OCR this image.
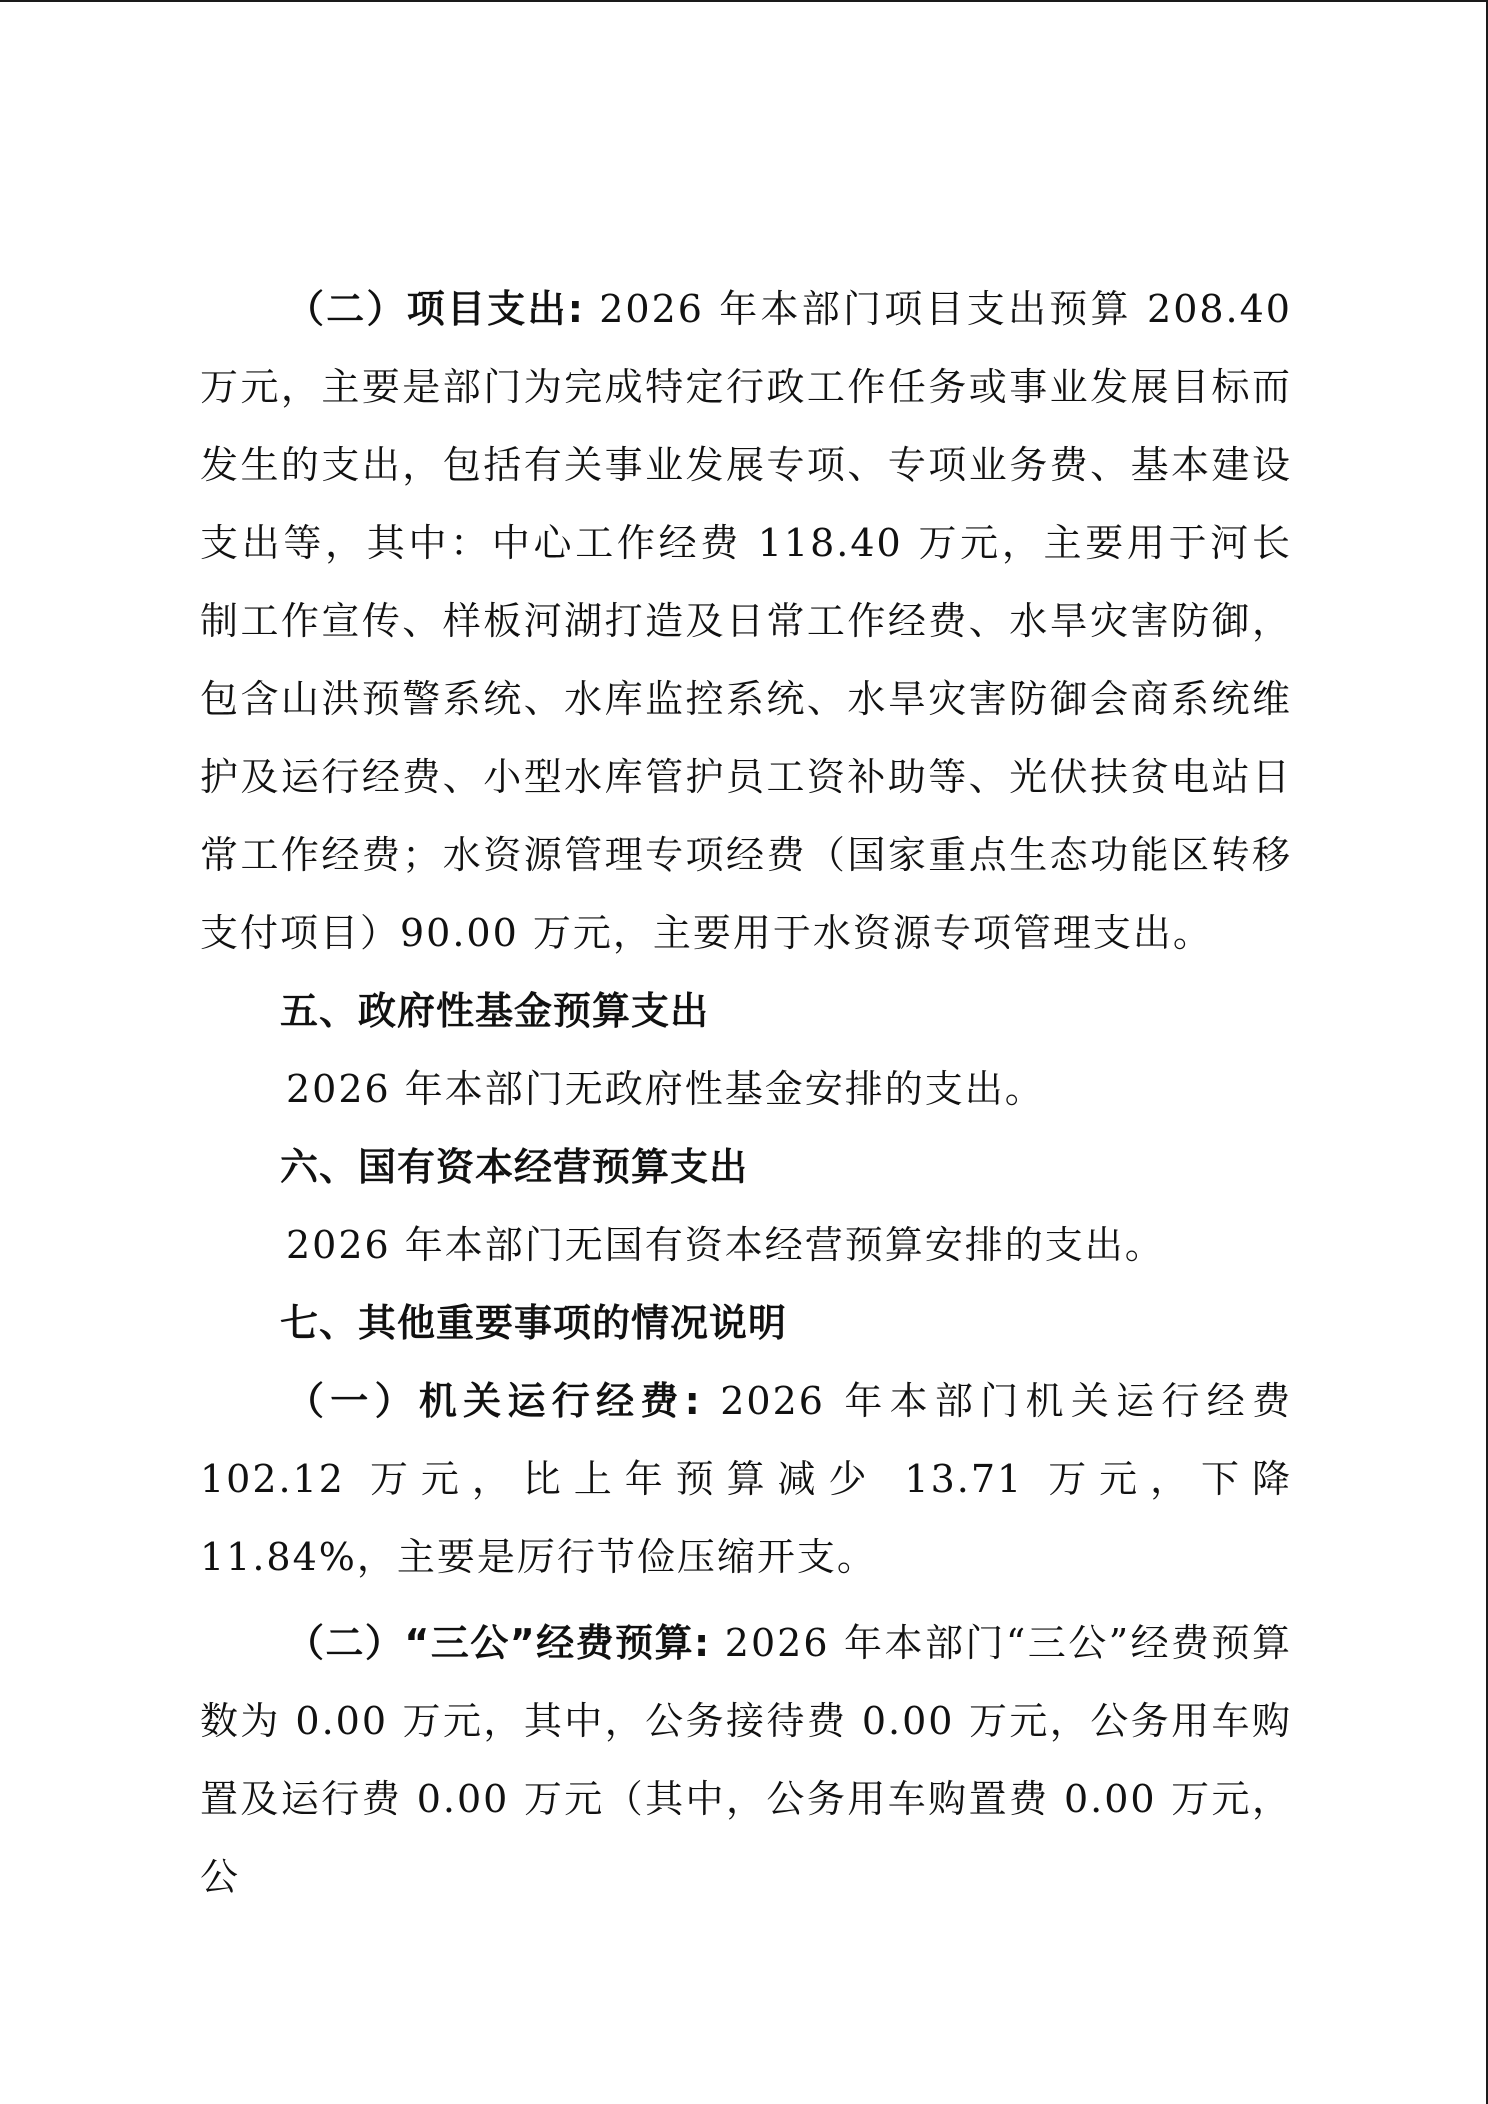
（二）项目支出: 2026 年本部门项目支出预算 208.40 万元，主要是部门为完成特定行政工作任务或事业发展目标而发生的支出，包括有关事业发展专项、专项业务费、基本建设支出等，其中：中心工作经费 118.40 万元，主要用于河长制工作宣传、样板河湖打造及日常工作经费、水旱灾害防御，包含山洪预警系统、水库监控系统、水旱灾害防御会商系统维护及运行经费、小型水库管护员工资补助等、光伏扶贫电站日常工作经费；水资源管理专项经费（国家重点生态功能区转移支付项目）90.00 万元，主要用于水资源专项管理支出。

五、政府性基金预算支出

2026 年本部门无政府性基金安排的支出。

六、国有资本经营预算支出

2026 年本部门无国有资本经营预算安排的支出。

七、其他重要事项的情况说明

（一）机关运行经费: 2026 年本部门机关运行经费 102.12 万元，比上年预算减少 13.71 万元，下降 11.84%，主要是厉行节俭压缩开支。

（二）“三公”经费预算: 2026 年本部门“三公”经费预算数为 0.00 万元，其中，公务接待费 0.00 万元，公务用车购置及运行费 0.00 万元（其中，公务用车购置费 0.00 万元，公
